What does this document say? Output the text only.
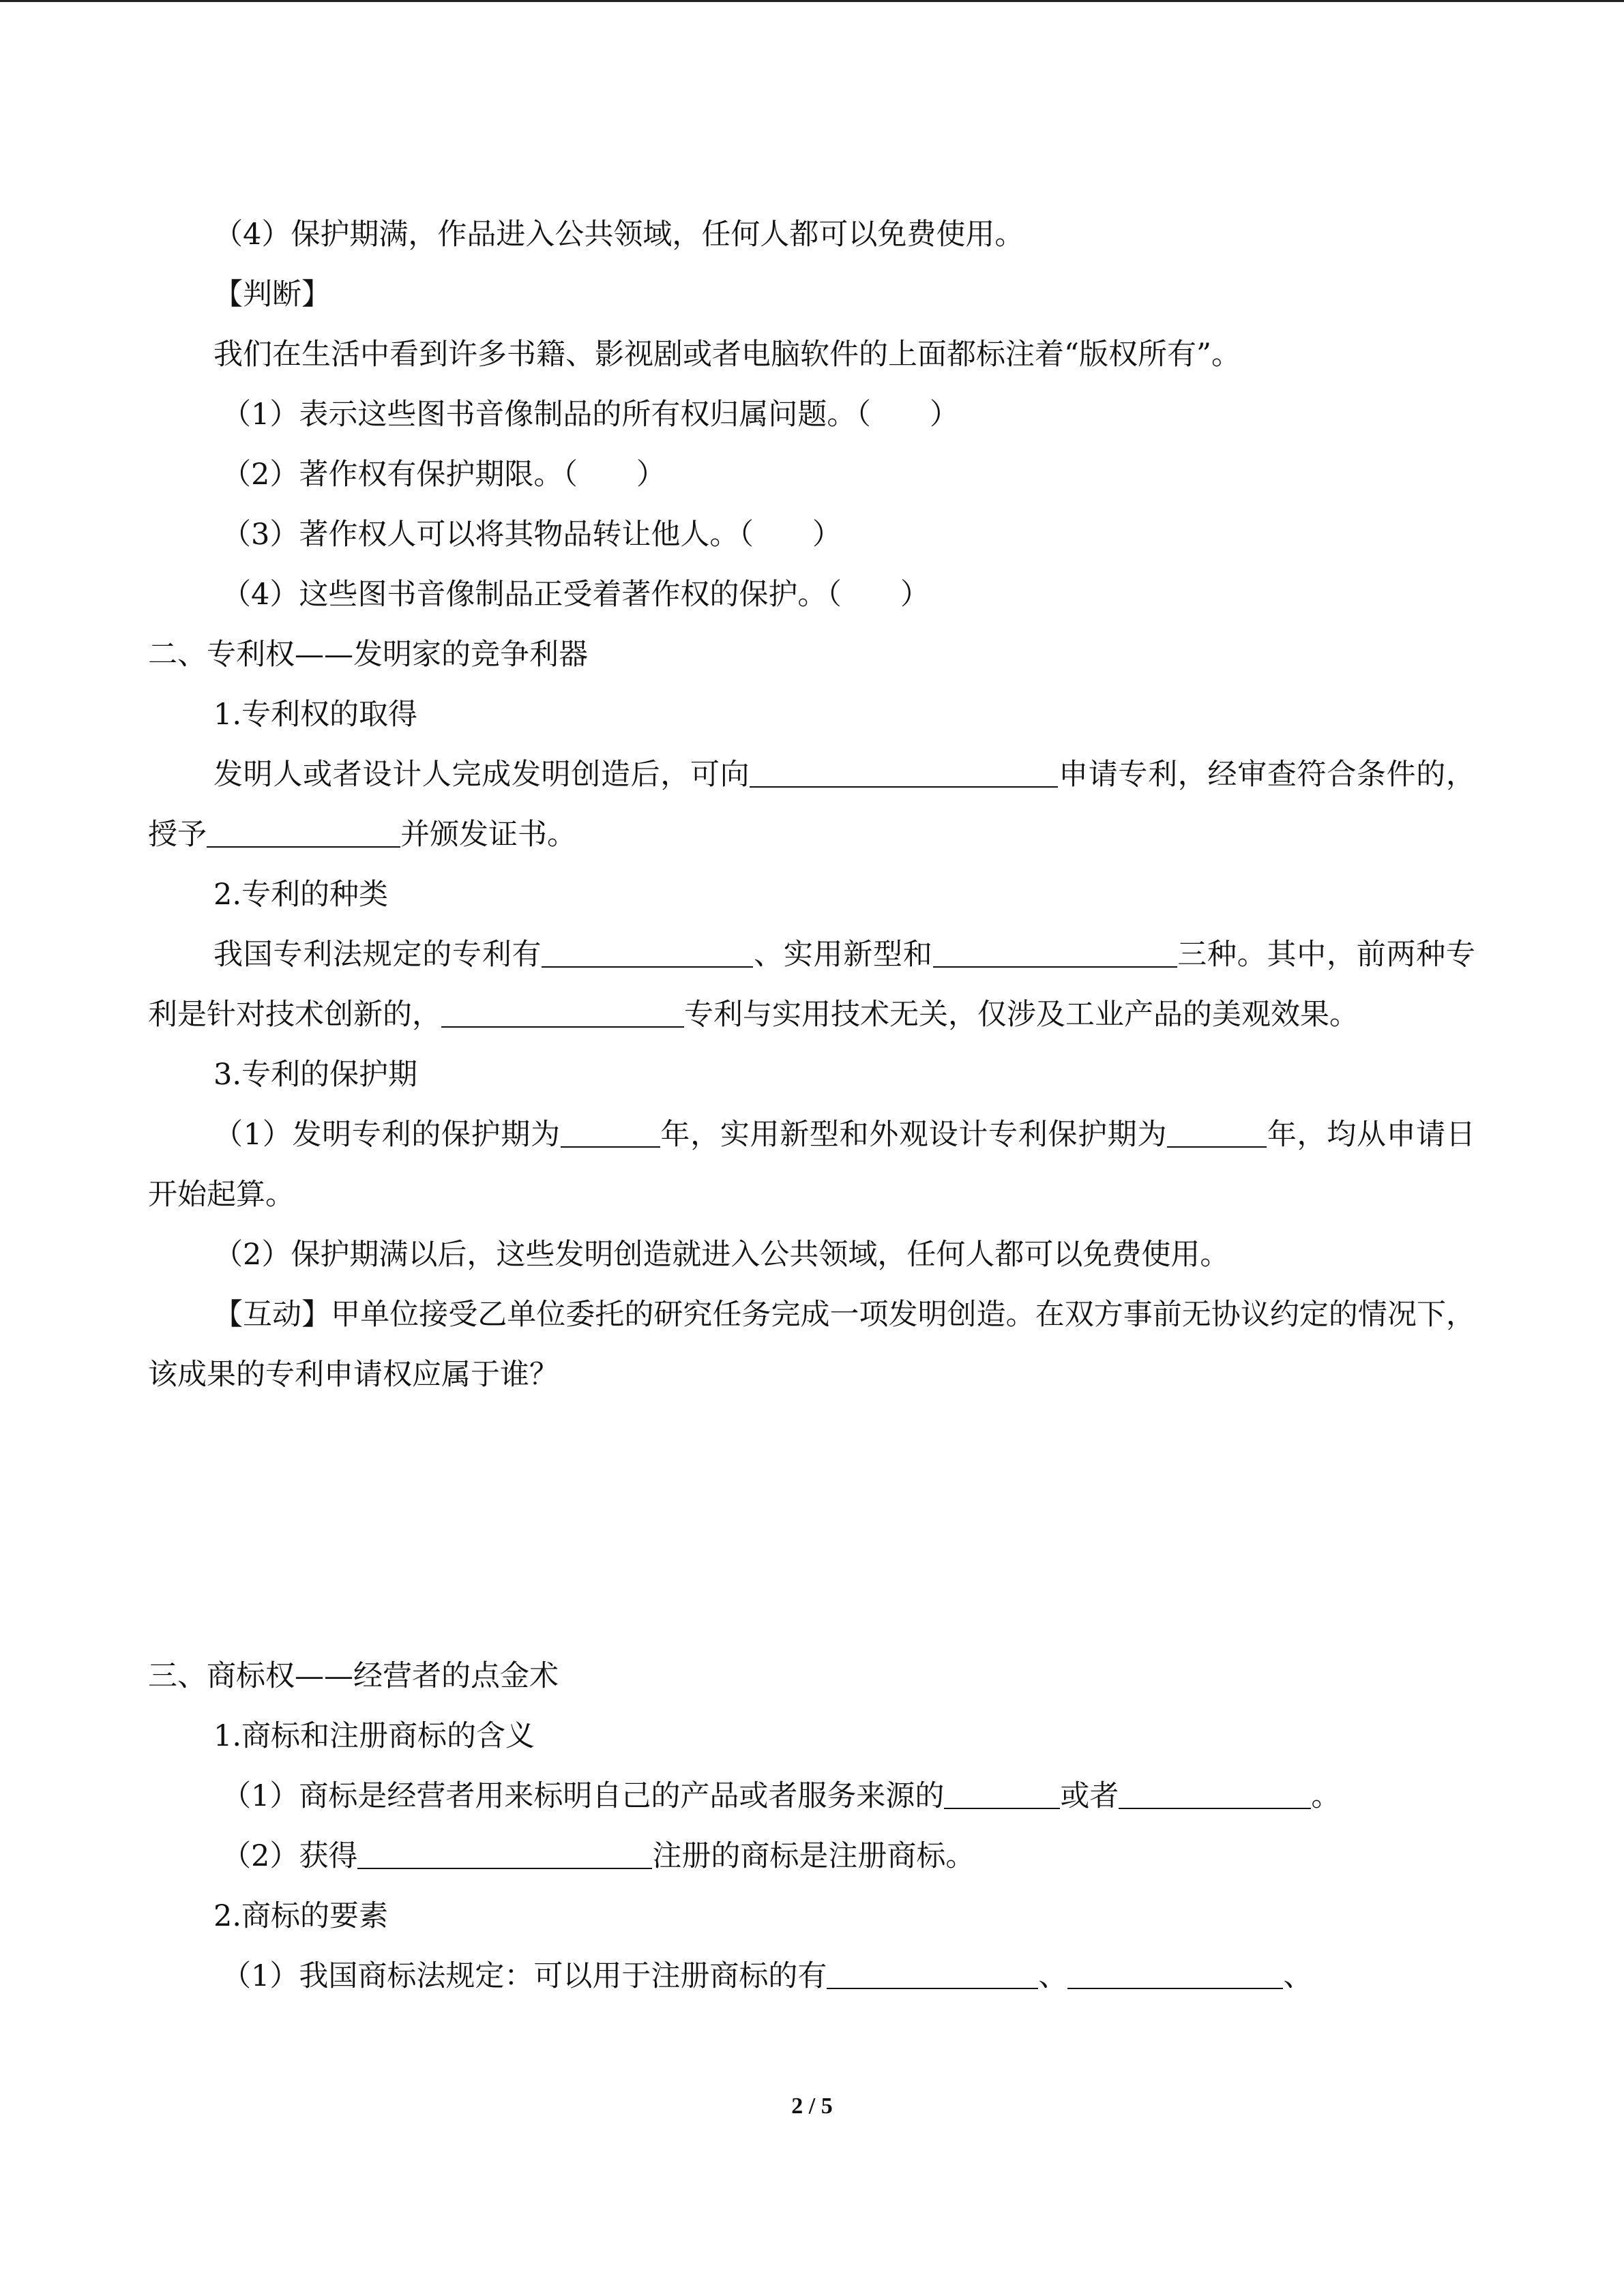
（4）保护期满，作品进入公共领域，任何人都可以免费使用。

【判断】

我们在生活中看到许多书籍、影视剧或者电脑软件的上面都标注着“版权所有”。

（1）表示这些图书音像制品的所有权归属问题。（　　）

（2）著作权有保护期限。（　　）

（3）著作权人可以将其物品转让他人。（　　）

（4）这些图书音像制品正受着著作权的保护。（　　）

二、专利权——发明家的竞争利器

1.专利权的取得

发明人或者设计人完成发明创造后，可向	申请专利，经审查符合条件的，授予	并颁发证书。

2.专利的种类

我国专利法规定的专利有	、实用新型和	三种。其中，前两种专利是针对技术创新的，	专利与实用技术无关，仅涉及工业产品的美观效果。

3.专利的保护期

（1）发明专利的保护期为	年，实用新型和外观设计专利保护期为	年，均从申请日开始起算。

（2）保护期满以后，这些发明创造就进入公共领域，任何人都可以免费使用。

【互动】甲单位接受乙单位委托的研究任务完成一项发明创造。在双方事前无协议约定的情况下，该成果的专利申请权应属于谁？

三、商标权——经营者的点金术

1.商标和注册商标的含义

（1）商标是经营者用来标明自己的产品或者服务来源的	或者	。

（2）获得	注册的商标是注册商标。

2.商标的要素

（1）我国商标法规定：可以用于注册商标的有	、	、

2 / 5
